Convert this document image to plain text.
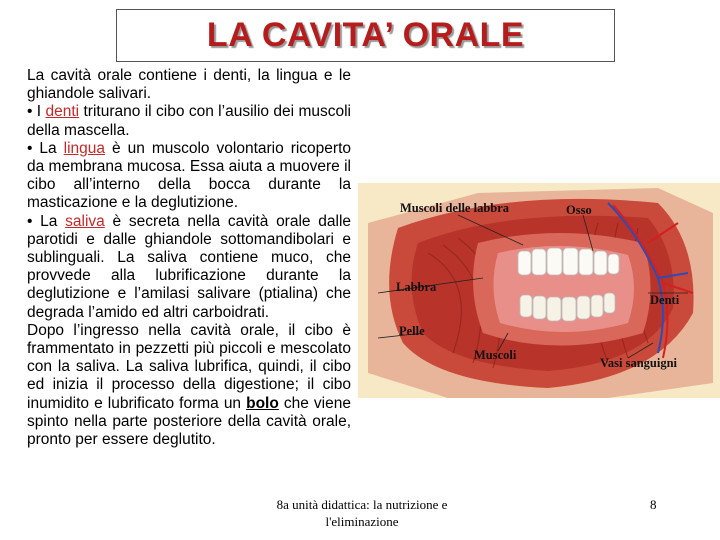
LA CAVITA’ ORALE

La cavità orale contiene i denti, la lingua e le ghiandole salivari.

• I denti triturano il cibo con l’ausilio dei muscoli della mascella.

• La lingua è un muscolo volontario ricoperto da membrana mucosa. Essa aiuta a muovere il cibo all’interno della bocca durante la masticazione e la deglutizione.

• La saliva è secreta nella cavità orale dalle parotidi e dalle ghiandole sottomandibolari e sublinguali. La saliva contiene muco, che provvede alla lubrificazione durante la deglutizione e l’amilasi salivare (ptialina) che degrada l’amido ed altri carboidrati.

Dopo l’ingresso nella cavità orale, il cibo è frammentato in pezzetti più piccoli e mescolato con la saliva. La saliva lubrifica, quindi, il cibo ed inizia il processo della digestione; il cibo inumidito e lubrificato forma un bolo che viene spinto nella parte posteriore della cavità orale, pronto per essere deglutito.

Muscoli delle labbra	Osso
Labbra
Denti
Pelle
Muscoli
Vasi sanguigni
8a unità didattica: la nutrizione e
l'eliminazione
8
